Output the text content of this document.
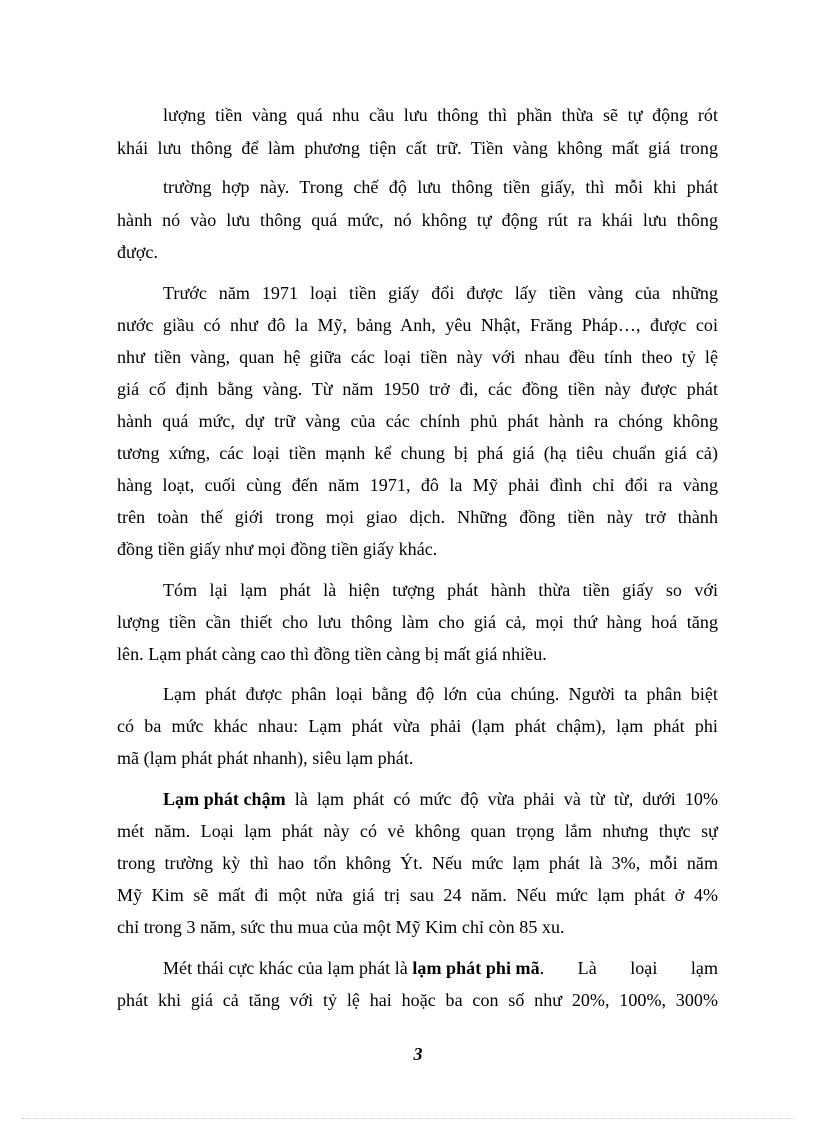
lượng tiền vàng quá nhu cầu lưu thông thì phần thừa sẽ tự động rót
khái lưu thông để làm phương tiện cất trữ. Tiền vàng không mất giá trong
trường hợp này. Trong chế độ lưu thông tiền giấy, thì mỗi khi phát
hành nó vào lưu thông quá mức, nó không tự động rút ra khái lưu thông
được.
Trước năm 1971 loại tiền giấy đổi được lấy tiền vàng của những
nước giầu có như đô la Mỹ, bảng Anh, yêu Nhật, Frăng Pháp…, được coi
như tiền vàng, quan hệ giữa các loại tiền này với nhau đều tính theo tỷ lệ
giá cố định bằng vàng. Từ năm 1950 trở đi, các đồng tiền này được phát
hành quá mức, dự trữ vàng của các chính phủ phát hành ra chóng không
tương xứng, các loại tiền mạnh kể chung bị phá giá (hạ tiêu chuẩn giá cả)
hàng loạt, cuối cùng đến năm 1971, đô la Mỹ phải đình chỉ đổi ra vàng
trên toàn thế giới trong mọi giao dịch. Những đồng tiền này trở thành
đồng tiền giấy như mọi đồng tiền giấy khác.
Tóm lại lạm phát là hiện tượng phát hành thừa tiền giấy so với
lượng tiền cần thiết cho lưu thông làm cho giá cả, mọi thứ hàng hoá tăng
lên. Lạm phát càng cao thì đồng tiền càng bị mất giá nhiều.
Lạm phát được phân loại bằng độ lớn của chúng. Người ta phân biệt
có ba mức khác nhau: Lạm phát vừa phải (lạm phát chậm), lạm phát phi
mã (lạm phát phát nhanh), siêu lạm phát.
Lạm phát chậm là lạm phát có mức độ vừa phải và từ từ, dưới 10%
mét năm. Loại lạm phát này có vẻ không quan trọng lắm nhưng thực sự
trong trường kỳ thì hao tổn không Ýt. Nếu mức lạm phát là 3%, mỗi năm
Mỹ Kim sẽ mất đi một nửa giá trị sau 24 năm. Nếu mức lạm phát ở 4%
chỉ trong 3 năm, sức thu mua của một Mỹ Kim chỉ còn 85 xu.
Mét thái cực khác của lạm phát là lạm phát phi mã . Là loại lạm
phát khi giá cả tăng với tỷ lệ hai hoặc ba con số như 20%, 100%, 300%
3
